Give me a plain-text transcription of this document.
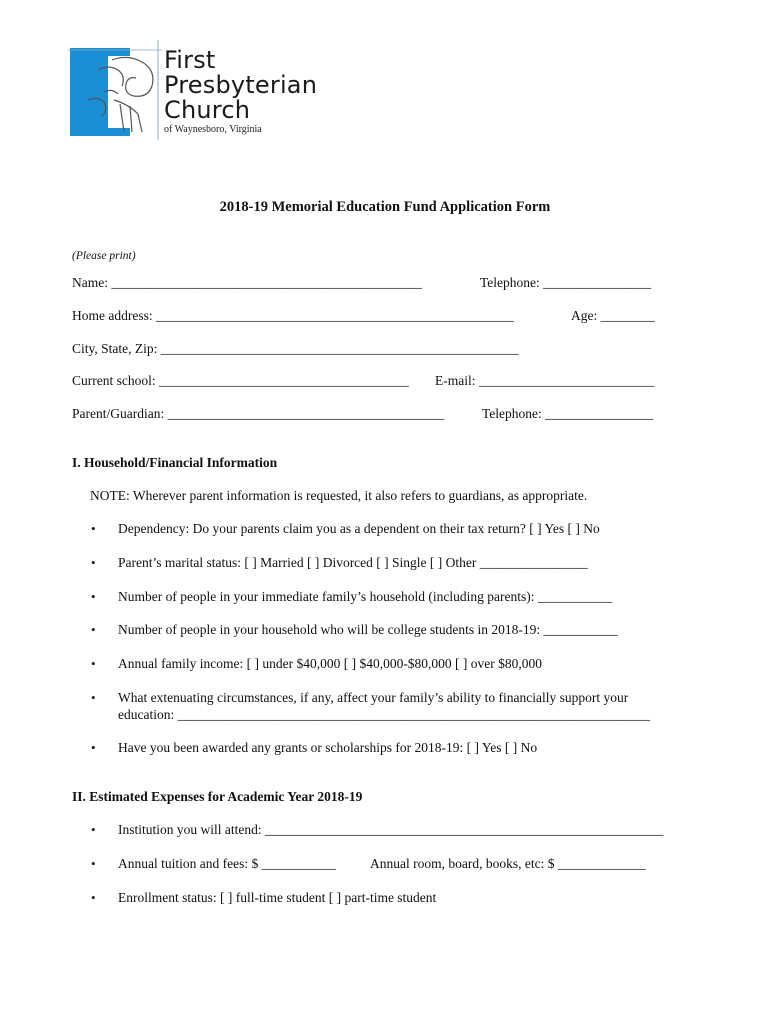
First
Presbyterian
Church
of Waynesboro, Virginia
2018-19 Memorial Education Fund Application Form
(Please print)
Name: ______________________________________________	Telephone: ________________
Home address: _____________________________________________________	Age: ________
City, State, Zip: _____________________________________________________
Current school: _____________________________________ E-mail: __________________________
Parent/Guardian: _________________________________________	Telephone: ________________
I. Household/Financial Information
NOTE: Wherever parent information is requested, it also refers to guardians, as appropriate.
• Dependency: Do your parents claim you as a dependent on their tax return? [ ] Yes [ ] No
• Parent’s marital status: [ ] Married [ ] Divorced [ ] Single [ ] Other ________________
• Number of people in your immediate family’s household (including parents): ___________
• Number of people in your household who will be college students in 2018-19: ___________
• Annual family income: [ ] under $40,000 [ ] $40,000-$80,000 [ ] over $80,000
• What extenuating circumstances, if any, affect your family’s ability to financially support your
education: ______________________________________________________________________
• Have you been awarded any grants or scholarships for 2018-19: [ ] Yes [ ] No
II. Estimated Expenses for Academic Year 2018-19
• Institution you will attend: ___________________________________________________________
• Annual tuition and fees: $ ___________	Annual room, board, books, etc: $ _____________
• Enrollment status: [ ] full-time student [ ] part-time student
